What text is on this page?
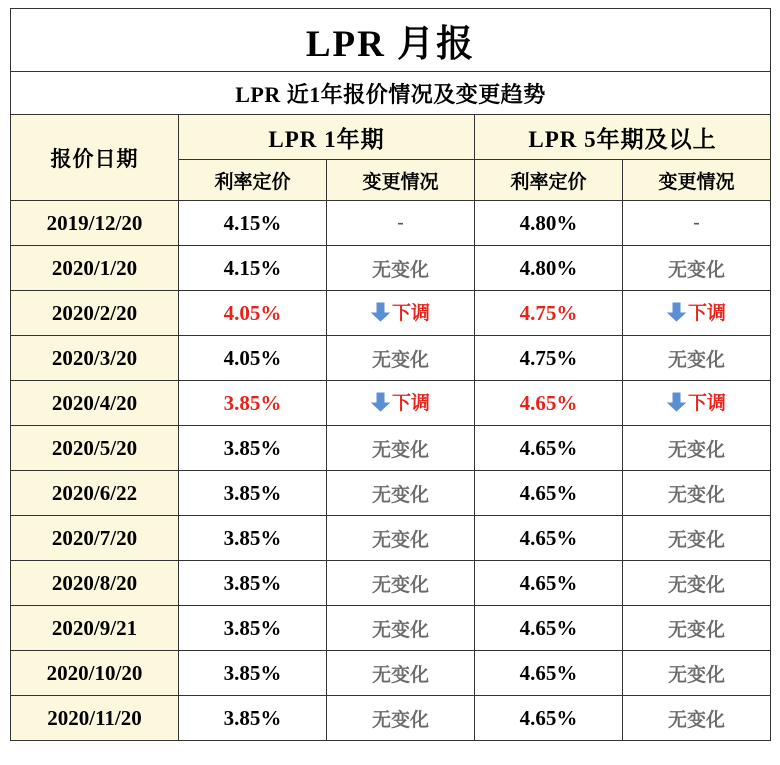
LPR 月报				
LPR 近1年报价情况及变更趋势				
报价日期	LPR 1年期		LPR 5年期及以上	
	利率定价	变更情况	利率定价	变更情况
2019/12/20	4.15%	-	4.80%	-
2020/1/20	4.15%	无变化	4.80%	无变化
2020/2/20	4.05%	下调	4.75%	下调
2020/3/20	4.05%	无变化	4.75%	无变化
2020/4/20	3.85%	下调	4.65%	下调
2020/5/20	3.85%	无变化	4.65%	无变化
2020/6/22	3.85%	无变化	4.65%	无变化
2020/7/20	3.85%	无变化	4.65%	无变化
2020/8/20	3.85%	无变化	4.65%	无变化
2020/9/21	3.85%	无变化	4.65%	无变化
2020/10/20	3.85%	无变化	4.65%	无变化
2020/11/20	3.85%	无变化	4.65%	无变化
